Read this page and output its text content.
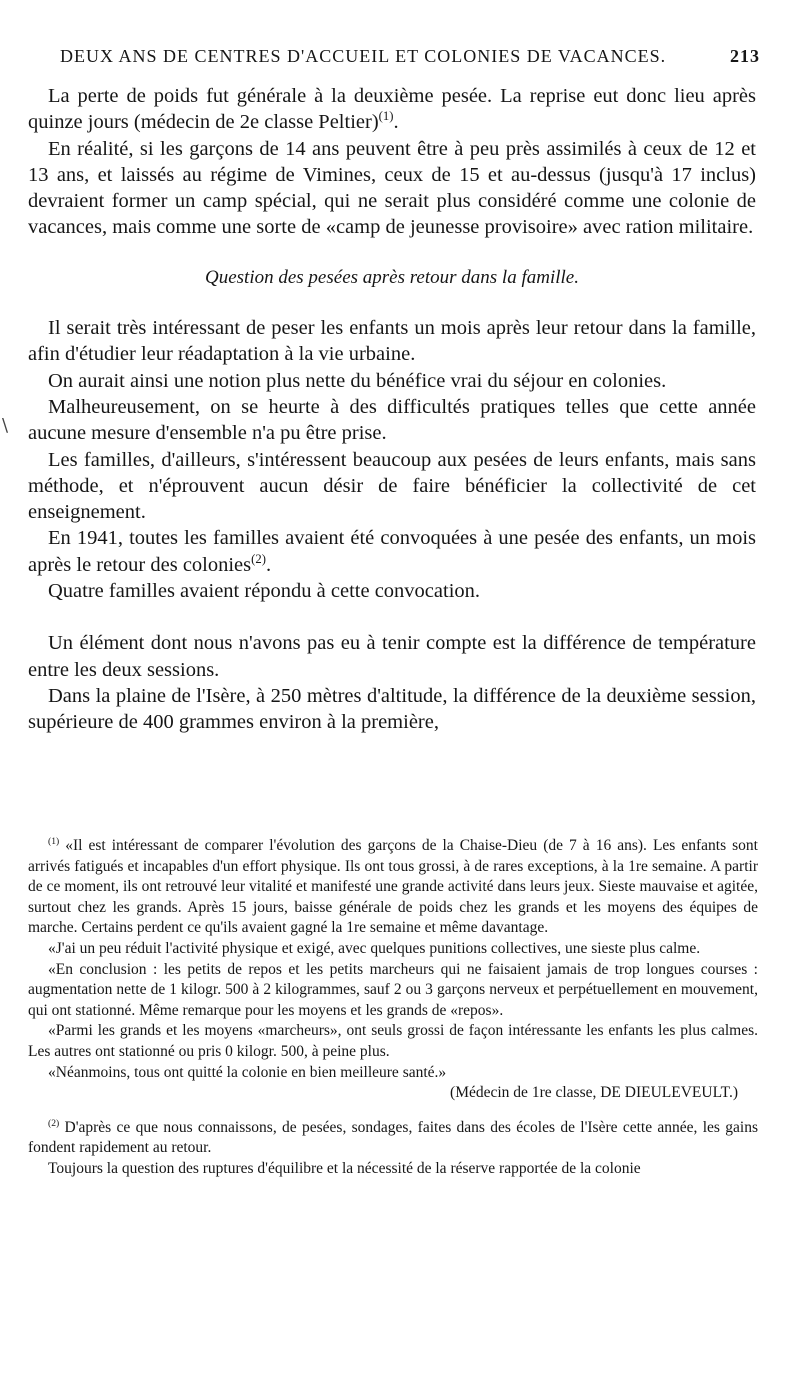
DEUX ANS DE CENTRES D'ACCUEIL ET COLONIES DE VACANCES.	213

La perte de poids fut générale à la deuxième pesée. La reprise eut donc lieu après quinze jours (médecin de 2e classe Peltier)$^{(1)}$.

En réalité, si les garçons de 14 ans peuvent être à peu près assimilés à ceux de 12 et 13 ans, et laissés au régime de Vimines, ceux de 15 et au-dessus (jusqu'à 17 inclus) devraient former un camp spécial, qui ne serait plus considéré comme une colonie de vacances, mais comme une sorte de «camp de jeunesse provisoire» avec ration militaire.

Question des pesées après retour dans la famille.

Il serait très intéressant de peser les enfants un mois après leur retour dans la famille, afin d'étudier leur réadaptation à la vie urbaine.

On aurait ainsi une notion plus nette du bénéfice vrai du séjour en colonies.

Malheureusement, on se heurte à des difficultés pratiques telles que cette année aucune mesure d'ensemble n'a pu être prise.

Les familles, d'ailleurs, s'intéressent beaucoup aux pesées de leurs enfants, mais sans méthode, et n'éprouvent aucun désir de faire bénéficier la collectivité de cet enseignement.

En 1941, toutes les familles avaient été convoquées à une pesée des enfants, un mois après le retour des colonies$^{(2)}$.

Quatre familles avaient répondu à cette convocation.

Un élément dont nous n'avons pas eu à tenir compte est la différence de température entre les deux sessions.

Dans la plaine de l'Isère, à 250 mètres d'altitude, la différence de la deuxième session, supérieure de 400 grammes environ à la première,

\

$^{(1)}$ «Il est intéressant de comparer l'évolution des garçons de la Chaise-Dieu (de 7 à 16 ans). Les enfants sont arrivés fatigués et incapables d'un effort physique. Ils ont tous grossi, à de rares exceptions, à la 1re semaine. A partir de ce moment, ils ont retrouvé leur vitalité et manifesté une grande activité dans leurs jeux. Sieste mauvaise et agitée, surtout chez les grands. Après 15 jours, baisse générale de poids chez les grands et les moyens des équipes de marche. Certains perdent ce qu'ils avaient gagné la 1re semaine et même davantage.

«J'ai un peu réduit l'activité physique et exigé, avec quelques punitions collectives, une sieste plus calme.

«En conclusion : les petits de repos et les petits marcheurs qui ne faisaient jamais de trop longues courses : augmentation nette de 1 kilogr. 500 à 2 kilogrammes, sauf 2 ou 3 garçons nerveux et perpétuellement en mouvement, qui ont stationné. Même remarque pour les moyens et les grands de «repos».

«Parmi les grands et les moyens «marcheurs», ont seuls grossi de façon intéressante les enfants les plus calmes. Les autres ont stationné ou pris 0 kilogr. 500, à peine plus.

«Néanmoins, tous ont quitté la colonie en bien meilleure santé.»

(Médecin de 1re classe, DE DIEULEVEULT.)

$^{(2)}$ D'après ce que nous connaissons, de pesées, sondages, faites dans des écoles de l'Isère cette année, les gains fondent rapidement au retour.

Toujours la question des ruptures d'équilibre et la nécessité de la réserve rapportée de la colonie
